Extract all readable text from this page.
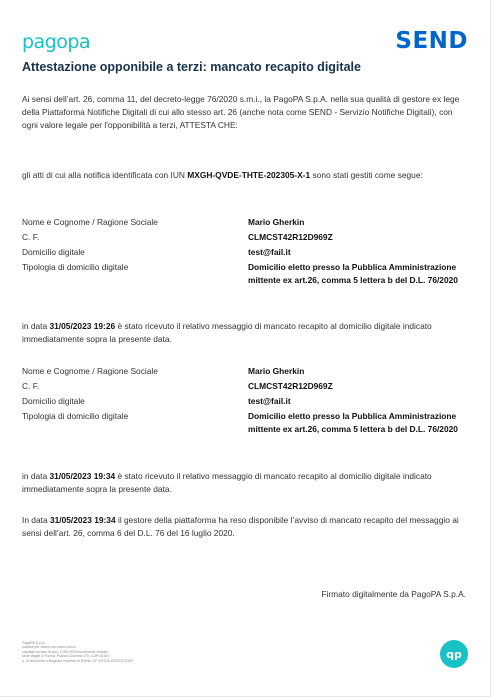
pagopa	SEND
Attestazione opponibile a terzi: mancato recapito digitale
Ai sensi dell’art. 26, comma 11, del decreto-legge 76/2020 s.m.i., la PagoPA S.p.A. nella sua qualità di gestore ex lege della Piattaforma Notifiche Digitali di cui allo stesso art. 26 (anche nota come SEND - Servizio Notifiche Digitali), con ogni valore legale per l'opponibilità a terzi, ATTESTA CHE:
gli atti di cui alla notifica identificata con IUN MXGH-QVDE-THTE-202305-X-1 sono stati gestiti come segue:
Nome e Cognome / Ragione Sociale	Mario Gherkin
C. F.	CLMCST42R12D969Z
Domicilio digitale	test@fail.it
Tipologia di domicilio digitale	Domicilio eletto presso la Pubblica Amministrazione mittente ex art.26, comma 5 lettera b del D.L. 76/2020
in data 31/05/2023 19:26 è stato ricevuto il relativo messaggio di mancato recapito al domicilio digitale indicato immediatamente sopra la presente data.
Nome e Cognome / Ragione Sociale	Mario Gherkin
C. F.	CLMCST42R12D969Z
Domicilio digitale	test@fail.it
Tipologia di domicilio digitale	Domicilio eletto presso la Pubblica Amministrazione mittente ex art.26, comma 5 lettera b del D.L. 76/2020
in data 31/05/2023 19:34 è stato ricevuto il relativo messaggio di mancato recapito al domicilio digitale indicato immediatamente sopra la presente data.
In data 31/05/2023 19:34 il gestore della piattaforma ha reso disponibile l’avviso di mancato recapito del messaggio ai sensi dell’art. 26, comma 6 del D.L. 76 del 16 luglio 2020.
Firmato digitalmente da PagoPA S.p.A.
PagoPA S.p.A.
società per azioni con socio unico
capitale sociale di euro 1,000,000 interamente versato
sede legale in Roma, Piazza Colonna 370, CAP 00187
n. di iscrizione a Registro Imprese di Roma, CF e P.IVA 15376371009
qp
